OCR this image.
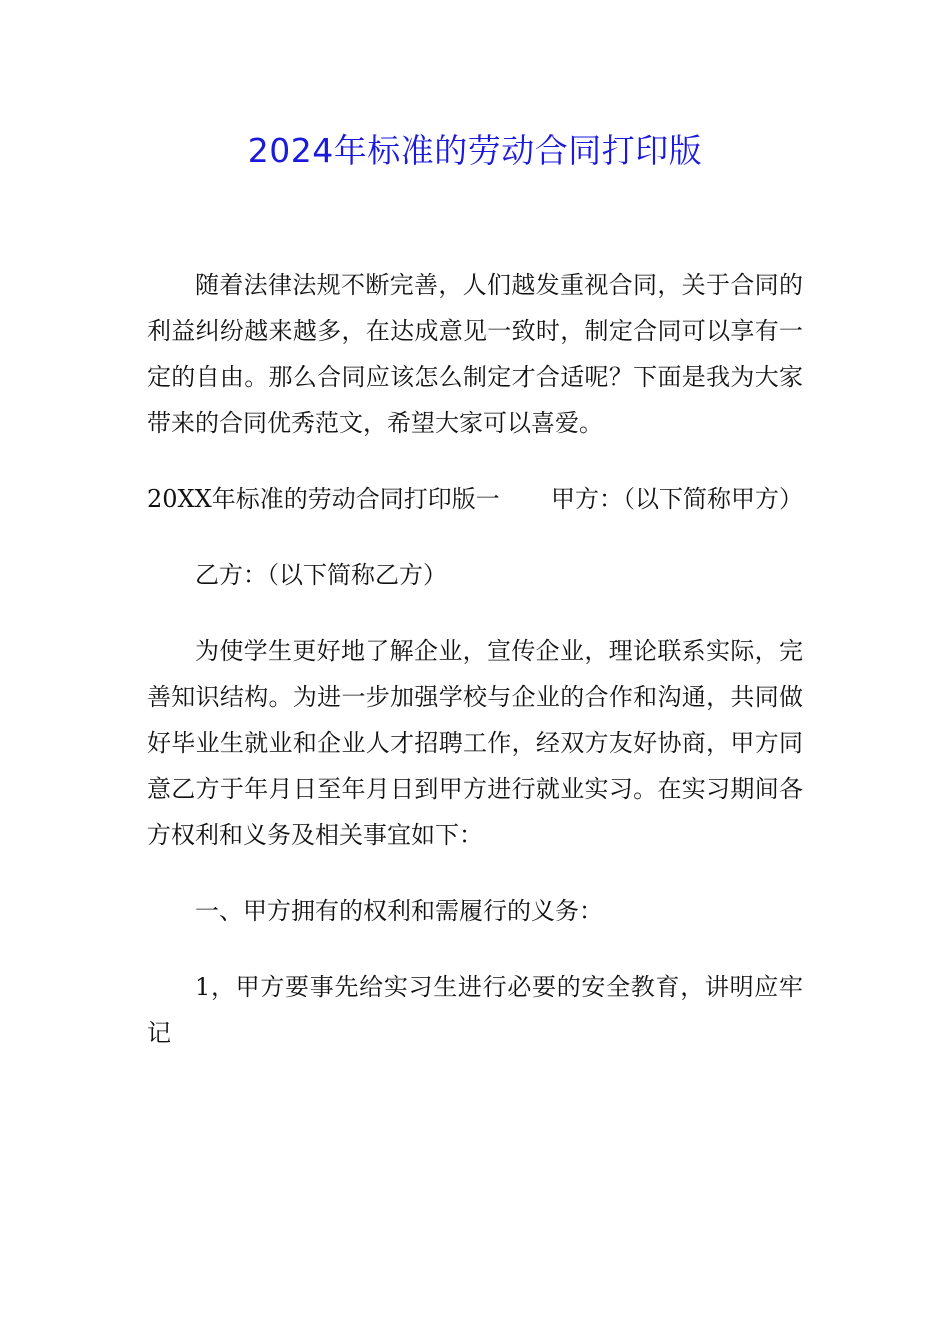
2024年标准的劳动合同打印版

随着法律法规不断完善，人们越发重视合同，关于合同的利益纠纷越来越多，在达成意见一致时，制定合同可以享有一定的自由。那么合同应该怎么制定才合适呢？下面是我为大家带来的合同优秀范文，希望大家可以喜爱。

20XX年标准的劳动合同打印版一 甲方：（以下简称甲方）

乙方：（以下简称乙方）

为使学生更好地了解企业，宣传企业，理论联系实际，完善知识结构。为进一步加强学校与企业的合作和沟通，共同做好毕业生就业和企业人才招聘工作，经双方友好协商，甲方同意乙方于年月日至年月日到甲方进行就业实习。在实习期间各方权利和义务及相关事宜如下：

一、甲方拥有的权利和需履行的义务：

1，甲方要事先给实习生进行必要的安全教育，讲明应牢记
